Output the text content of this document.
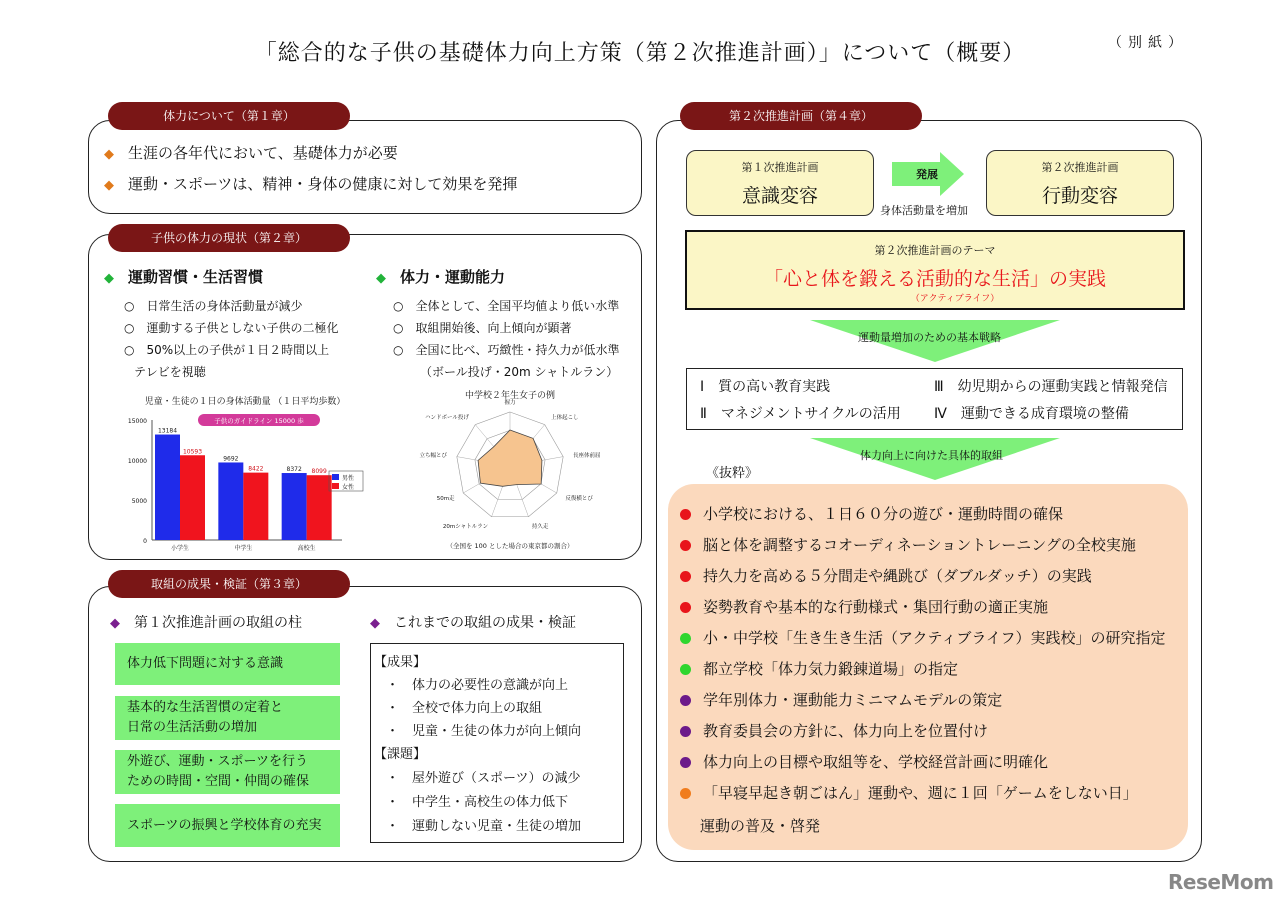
「総合的な子供の基礎体力向上方策（第２次推進計画）」について（概要）	（別紙）
体力について（第１章）
◆ 生涯の各年代において、基礎体力が必要
◆ 運動・スポーツは、精神・身体の健康に対して効果を発揮
子供の体力の現状（第２章）
◆ 運動習慣・生活習慣
○　 日常生活の身体活動量が減少
○　 運動する子供としない子供の二極化
○　 50%以上の子供が１日２時間以上
テレビを視聴
◆ 体力・運動能力
○　 全体として、全国平均値より低い水準
○　 取組開始後、向上傾向が顕著
○　 全国に比べ、巧緻性・持久力が低水準
（ボール投げ・20m シャトルラン）
児童・生徒の１日の身体活動量 （１日平均歩数）
0
5000
10000
15000	子供のガイドライン 15000 歩
13184
10593
小学生
9692
8422
中学生
8372 8099
高校生
男性
女性
中学校２年生女子の例
握力
上体起こし
長座体前屈
反復横とび
持久走
20mシャトルラン
50m走
立ち幅とび
ハンドボール投げ
（全国を 100 とした場合の東京都の割合）
取組の成果・検証（第３章）
◆ 第１次推進計画の取組の柱
体力低下問題に対する意識
基本的な生活習慣の定着と
日常の生活活動の増加
外遊び、運動・スポーツを行う
ための時間・空間・仲間の確保
スポーツの振興と学校体育の充実
◆ これまでの取組の成果・検証
【成果】
・　 体力の必要性の意識が向上
・　 全校で体力向上の取組
・　 児童・生徒の体力が向上傾向
【課題】
・　 屋外遊び（スポーツ）の減少
・　 中学生・高校生の体力低下
・　 運動しない児童・生徒の増加
第２次推進計画（第４章）
第１次推進計画
意識変容
発展
身体活動量を増加
第２次推進計画
行動変容
第２次推進計画のテーマ
「心と体を鍛える活動的な生活」の実践
（アクティブライフ）
運動量増加のための基本戦略
Ⅰ　 質の高い教育実践	Ⅲ　 幼児期からの運動実践と情報発信
Ⅱ　 マネジメントサイクルの活用 Ⅳ　 運動できる成育環境の整備
体力向上に向けた具体的取組
《抜粋》
小学校における、１日６０分の遊び・運動時間の確保
脳と体を調整するコオーディネーショントレーニングの全校実施
持久力を高める５分間走や縄跳び（ダブルダッチ）の実践
姿勢教育や基本的な行動様式・集団行動の適正実施
小・中学校「生き生き生活（アクティブライフ）実践校」の研究指定
都立学校「体力気力鍛錬道場」の指定
学年別体力・運動能力ミニマムモデルの策定
教育委員会の方針に、体力向上を位置付け
体力向上の目標や取組等を、学校経営計画に明確化
「早寝早起き朝ごはん」運動や、週に１回「ゲームをしない日」
運動の普及・啓発
ReseMom
